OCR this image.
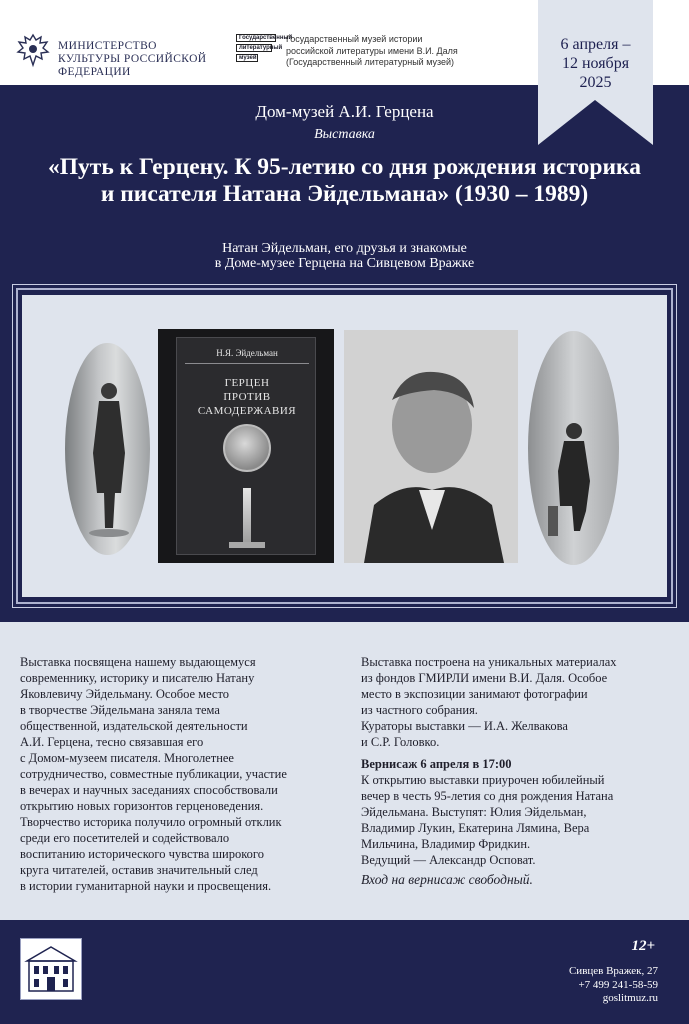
МИНИСТЕРСТВО КУЛЬТУРЫ РОССИЙСКОЙ ФЕДЕРАЦИИ
Государственный
литературный
музей
Государственный музей истории
российской литературы имени В.И. Даля
(Государственный литературный музей)
6 апреля –
12 ноября
2025
Дом-музей А.И. Герцена
Выставка
«Путь к Герцену. К 95-летию со дня рождения историка и писателя Натана Эйдельмана» (1930 – 1989)
Натан Эйдельман, его друзья и знакомые
в Доме-музее Герцена на Сивцевом Вражке
Н.Я. Эйдельман
ГЕРЦЕН
ПРОТИВ
САМОДЕРЖАВИЯ

Выставка посвящена нашему выдающемуся
современнику, историку и писателю Натану
Яковлевичу Эйдельману. Особое место
в творчестве Эйдельмана заняла тема
общественной, издательской деятельности
А.И. Герцена, тесно связавшая его
с Домом-музеем писателя. Многолетнее
сотрудничество, совместные публикации, участие
в вечерах и научных заседаниях способствовали
открытию новых горизонтов герценоведения.
Творчество историка получило огромный отклик
среди его посетителей и содействовало
воспитанию исторического чувства широкого
круга читателей, оставив значительный след
в истории гуманитарной науки и просвещения.

Выставка построена на уникальных материалах
из фондов ГМИРЛИ имени В.И. Даля. Особое
место в экспозиции занимают фотографии
из частного собрания.
Кураторы выставки — И.А. Желвакова
и С.Р. Головко.

Вернисаж 6 апреля в 17:00

К открытию выставки приурочен юбилейный
вечер в честь 95-летия со дня рождения Натана
Эйдельмана. Выступят: Юлия Эйдельман,
Владимир Лукин, Екатерина Лямина, Вера
Мильчина, Владимир Фридкин.
Ведущий — Александр Осповат.

Вход на вернисаж свободный.

12+
Сивцев Вражек, 27
+7 499 241-58-59
goslitmuz.ru
